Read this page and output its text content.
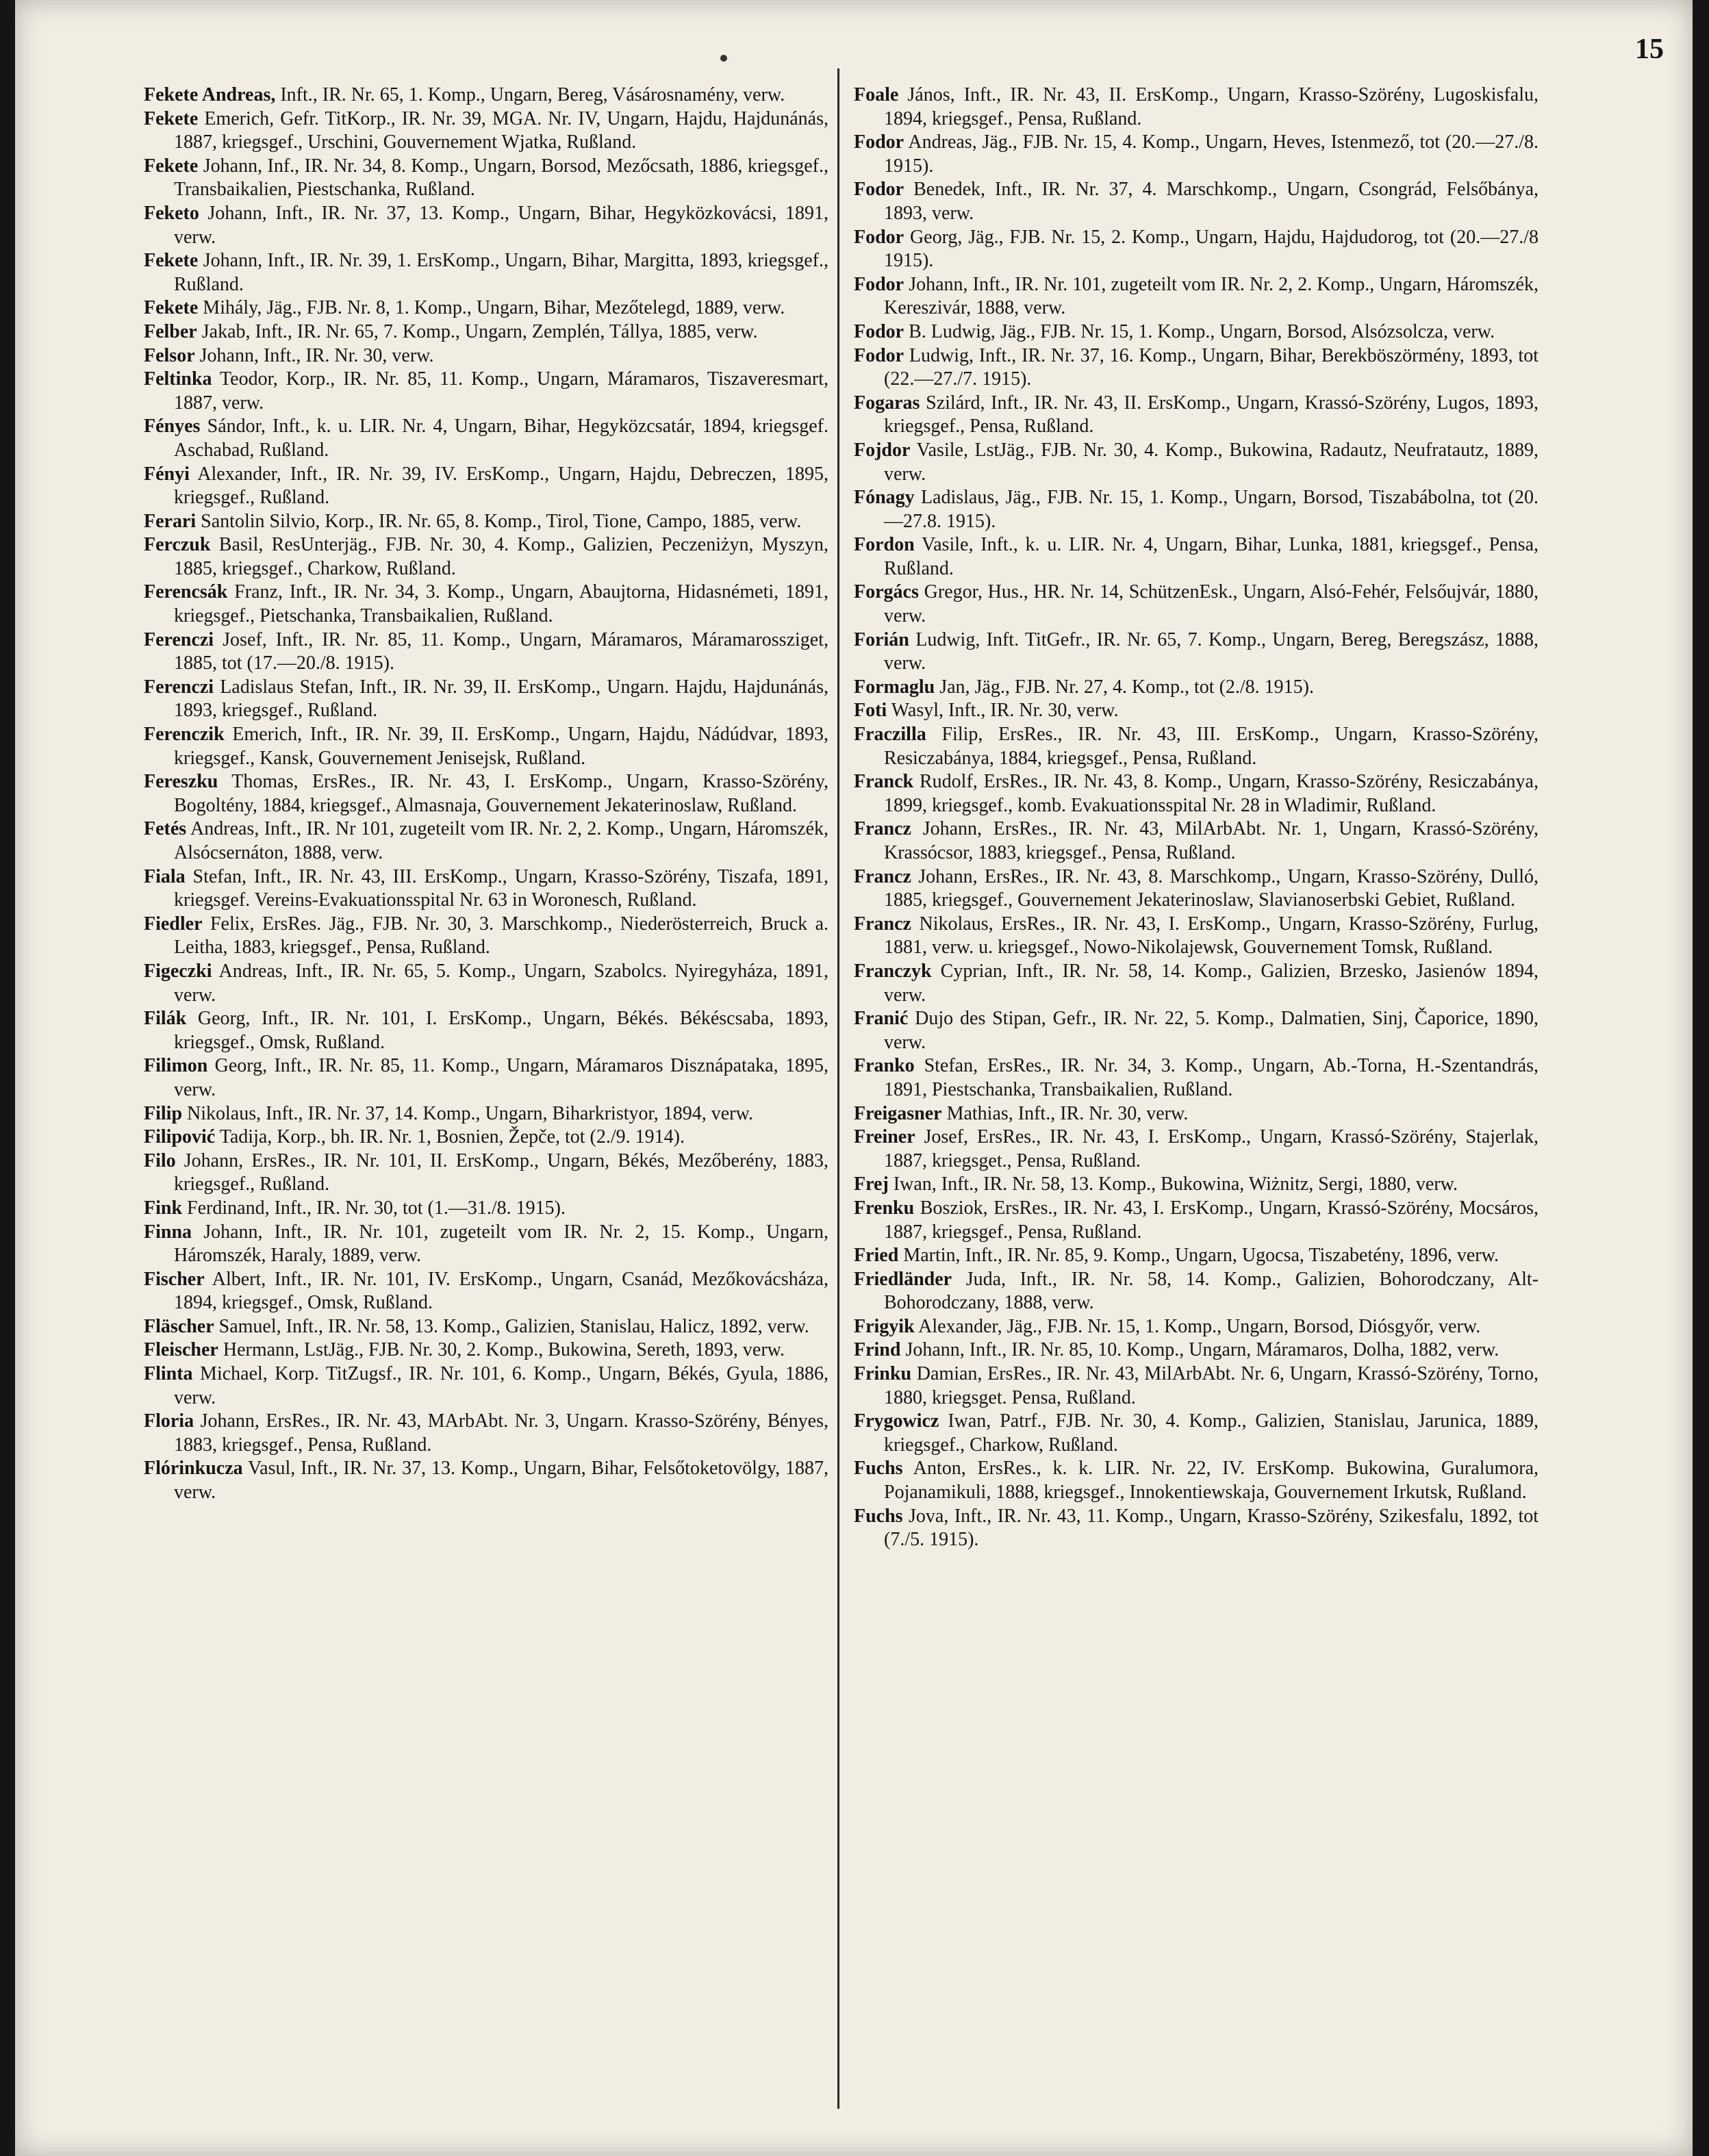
15

Fekete Andreas, Inft., IR. Nr. 65, 1. Komp., Ungarn, Bereg, Vásárosnamény, verw.

Fekete Emerich, Gefr. TitKorp., IR. Nr. 39, MGA. Nr. IV, Ungarn, Hajdu, Hajdunánás, 1887, kriegsgef., Urschini, Gouvernement Wjatka, Rußland.

Fekete Johann, Inf., IR. Nr. 34, 8. Komp., Ungarn, Borsod, Mezőcsath, 1886, kriegsgef., Transbaikalien, Piestschanka, Rußland.

Feketo Johann, Inft., IR. Nr. 37, 13. Komp., Ungarn, Bihar, Hegyközkovácsi, 1891, verw.

Fekete Johann, Inft., IR. Nr. 39, 1. ErsKomp., Ungarn, Bihar, Margitta, 1893, kriegsgef., Rußland.

Fekete Mihály, Jäg., FJB. Nr. 8, 1. Komp., Ungarn, Bihar, Mezőtelegd, 1889, verw.

Felber Jakab, Inft., IR. Nr. 65, 7. Komp., Ungarn, Zemplén, Tállya, 1885, verw.

Felsor Johann, Inft., IR. Nr. 30, verw.

Feltinka Teodor, Korp., IR. Nr. 85, 11. Komp., Ungarn, Máramaros, Tiszaveresmart, 1887, verw.

Fényes Sándor, Inft., k. u. LIR. Nr. 4, Ungarn, Bihar, Hegyközcsatár, 1894, kriegsgef. Aschabad, Rußland.

Fényi Alexander, Inft., IR. Nr. 39, IV. ErsKomp., Ungarn, Hajdu, Debreczen, 1895, kriegsgef., Rußland.

Ferari Santolin Silvio, Korp., IR. Nr. 65, 8. Komp., Tirol, Tione, Campo, 1885, verw.

Ferczuk Basil, ResUnterjäg., FJB. Nr. 30, 4. Komp., Galizien, Peczeniżyn, Myszyn, 1885, kriegsgef., Charkow, Rußland.

Ferencsák Franz, Inft., IR. Nr. 34, 3. Komp., Ungarn, Abaujtorna, Hidasnémeti, 1891, kriegsgef., Pietschanka, Transbaikalien, Rußland.

Ferenczi Josef, Inft., IR. Nr. 85, 11. Komp., Ungarn, Máramaros, Máramarossziget, 1885, tot (17.—20./8. 1915).

Ferenczi Ladislaus Stefan, Inft., IR. Nr. 39, II. ErsKomp., Ungarn. Hajdu, Hajdunánás, 1893, kriegsgef., Rußland.

Ferenczik Emerich, Inft., IR. Nr. 39, II. ErsKomp., Ungarn, Hajdu, Nádúdvar, 1893, kriegsgef., Kansk, Gouvernement Jenisejsk, Rußland.

Fereszku Thomas, ErsRes., IR. Nr. 43, I. ErsKomp., Ungarn, Krasso-Szörény, Bogoltény, 1884, kriegsgef., Almasnaja, Gouvernement Jekaterinoslaw, Rußland.

Fetés Andreas, Inft., IR. Nr 101, zugeteilt vom IR. Nr. 2, 2. Komp., Ungarn, Háromszék, Alsócsernáton, 1888, verw.

Fiala Stefan, Inft., IR. Nr. 43, III. ErsKomp., Ungarn, Krasso-Szörény, Tiszafa, 1891, kriegsgef. Vereins-Evakuationsspital Nr. 63 in Woronesch, Rußland.

Fiedler Felix, ErsRes. Jäg., FJB. Nr. 30, 3. Marschkomp., Niederösterreich, Bruck a. Leitha, 1883, kriegsgef., Pensa, Rußland.

Figeczki Andreas, Inft., IR. Nr. 65, 5. Komp., Ungarn, Szabolcs. Nyiregyháza, 1891, verw.

Filák Georg, Inft., IR. Nr. 101, I. ErsKomp., Ungarn, Békés. Békéscsaba, 1893, kriegsgef., Omsk, Rußland.

Filimon Georg, Inft., IR. Nr. 85, 11. Komp., Ungarn, Máramaros Disznápataka, 1895, verw.

Filip Nikolaus, Inft., IR. Nr. 37, 14. Komp., Ungarn, Biharkristyor, 1894, verw.

Filipović Tadija, Korp., bh. IR. Nr. 1, Bosnien, Žepče, tot (2./9. 1914).

Filo Johann, ErsRes., IR. Nr. 101, II. ErsKomp., Ungarn, Békés, Mezőberény, 1883, kriegsgef., Rußland.

Fink Ferdinand, Inft., IR. Nr. 30, tot (1.—31./8. 1915).

Finna Johann, Inft., IR. Nr. 101, zugeteilt vom IR. Nr. 2, 15. Komp., Ungarn, Háromszék, Haraly, 1889, verw.

Fischer Albert, Inft., IR. Nr. 101, IV. ErsKomp., Ungarn, Csanád, Mezőkovácsháza, 1894, kriegsgef., Omsk, Rußland.

Fläscher Samuel, Inft., IR. Nr. 58, 13. Komp., Galizien, Stanislau, Halicz, 1892, verw.

Fleischer Hermann, LstJäg., FJB. Nr. 30, 2. Komp., Bukowina, Sereth, 1893, verw.

Flinta Michael, Korp. TitZugsf., IR. Nr. 101, 6. Komp., Ungarn, Békés, Gyula, 1886, verw.

Floria Johann, ErsRes., IR. Nr. 43, MArbAbt. Nr. 3, Ungarn. Krasso-Szörény, Bényes, 1883, kriegsgef., Pensa, Rußland.

Flórinkucza Vasul, Inft., IR. Nr. 37, 13. Komp., Ungarn, Bihar, Felsőtoketovölgy, 1887, verw.

Foale János, Inft., IR. Nr. 43, II. ErsKomp., Ungarn, Krasso-Szörény, Lugoskisfalu, 1894, kriegsgef., Pensa, Rußland.

Fodor Andreas, Jäg., FJB. Nr. 15, 4. Komp., Ungarn, Heves, Istenmező, tot (20.—27./8. 1915).

Fodor Benedek, Inft., IR. Nr. 37, 4. Marschkomp., Ungarn, Csongrád, Felsőbánya, 1893, verw.

Fodor Georg, Jäg., FJB. Nr. 15, 2. Komp., Ungarn, Hajdu, Hajdudorog, tot (20.—27./8 1915).

Fodor Johann, Inft., IR. Nr. 101, zugeteilt vom IR. Nr. 2, 2. Komp., Ungarn, Háromszék, Kereszivár, 1888, verw.

Fodor B. Ludwig, Jäg., FJB. Nr. 15, 1. Komp., Ungarn, Borsod, Alsózsolcza, verw.

Fodor Ludwig, Inft., IR. Nr. 37, 16. Komp., Ungarn, Bihar, Berekböszörmény, 1893, tot (22.—27./7. 1915).

Fogaras Szilárd, Inft., IR. Nr. 43, II. ErsKomp., Ungarn, Krassó-Szörény, Lugos, 1893, kriegsgef., Pensa, Rußland.

Fojdor Vasile, LstJäg., FJB. Nr. 30, 4. Komp., Bukowina, Radautz, Neufratautz, 1889, verw.

Fónagy Ladislaus, Jäg., FJB. Nr. 15, 1. Komp., Ungarn, Borsod, Tiszabábolna, tot (20.—27.8. 1915).

Fordon Vasile, Inft., k. u. LIR. Nr. 4, Ungarn, Bihar, Lunka, 1881, kriegsgef., Pensa, Rußland.

Forgács Gregor, Hus., HR. Nr. 14, SchützenEsk., Ungarn, Alsó-Fehér, Felsőujvár, 1880, verw.

Forián Ludwig, Inft. TitGefr., IR. Nr. 65, 7. Komp., Ungarn, Bereg, Beregszász, 1888, verw.

Formaglu Jan, Jäg., FJB. Nr. 27, 4. Komp., tot (2./8. 1915).

Foti Wasyl, Inft., IR. Nr. 30, verw.

Fraczilla Filip, ErsRes., IR. Nr. 43, III. ErsKomp., Ungarn, Krasso-Szörény, Resiczabánya, 1884, kriegsgef., Pensa, Rußland.

Franck Rudolf, ErsRes., IR. Nr. 43, 8. Komp., Ungarn, Krasso-Szörény, Resiczabánya, 1899, kriegsgef., komb. Evakuationsspital Nr. 28 in Wladimir, Rußland.

Francz Johann, ErsRes., IR. Nr. 43, MilArbAbt. Nr. 1, Ungarn, Krassó-Szörény, Krassócsor, 1883, kriegsgef., Pensa, Rußland.

Francz Johann, ErsRes., IR. Nr. 43, 8. Marschkomp., Ungarn, Krasso-Szörény, Dulló, 1885, kriegsgef., Gouvernement Jekaterinoslaw, Slavianoserbski Gebiet, Rußland.

Francz Nikolaus, ErsRes., IR. Nr. 43, I. ErsKomp., Ungarn, Krasso-Szörény, Furlug, 1881, verw. u. kriegsgef., Nowo-Nikolajewsk, Gouvernement Tomsk, Rußland.

Franczyk Cyprian, Inft., IR. Nr. 58, 14. Komp., Galizien, Brzesko, Jasienów 1894, verw.

Franić Dujo des Stipan, Gefr., IR. Nr. 22, 5. Komp., Dalmatien, Sinj, Čaporice, 1890, verw.

Franko Stefan, ErsRes., IR. Nr. 34, 3. Komp., Ungarn, Ab.-Torna, H.-Szentandrás, 1891, Piestschanka, Transbaikalien, Rußland.

Freigasner Mathias, Inft., IR. Nr. 30, verw.

Freiner Josef, ErsRes., IR. Nr. 43, I. ErsKomp., Ungarn, Krassó-Szörény, Stajerlak, 1887, kriegsget., Pensa, Rußland.

Frej Iwan, Inft., IR. Nr. 58, 13. Komp., Bukowina, Wiżnitz, Sergi, 1880, verw.

Frenku Bosziok, ErsRes., IR. Nr. 43, I. ErsKomp., Ungarn, Krassó-Szörény, Mocsáros, 1887, kriegsgef., Pensa, Rußland.

Fried Martin, Inft., IR. Nr. 85, 9. Komp., Ungarn, Ugocsa, Tiszabetény, 1896, verw.

Friedländer Juda, Inft., IR. Nr. 58, 14. Komp., Galizien, Bohorodczany, Alt-Bohorodczany, 1888, verw.

Frigyik Alexander, Jäg., FJB. Nr. 15, 1. Komp., Ungarn, Borsod, Diósgyőr, verw.

Frind Johann, Inft., IR. Nr. 85, 10. Komp., Ungarn, Máramaros, Dolha, 1882, verw.

Frinku Damian, ErsRes., IR. Nr. 43, MilArbAbt. Nr. 6, Ungarn, Krassó-Szörény, Torno, 1880, kriegsget. Pensa, Rußland.

Frygowicz Iwan, Patrf., FJB. Nr. 30, 4. Komp., Galizien, Stanislau, Jarunica, 1889, kriegsgef., Charkow, Rußland.

Fuchs Anton, ErsRes., k. k. LIR. Nr. 22, IV. ErsKomp. Bukowina, Guralumora, Pojanamikuli, 1888, kriegsgef., Innokentiewskaja, Gouvernement Irkutsk, Rußland.

Fuchs Jova, Inft., IR. Nr. 43, 11. Komp., Ungarn, Krasso-Szörény, Szikesfalu, 1892, tot (7./5. 1915).
